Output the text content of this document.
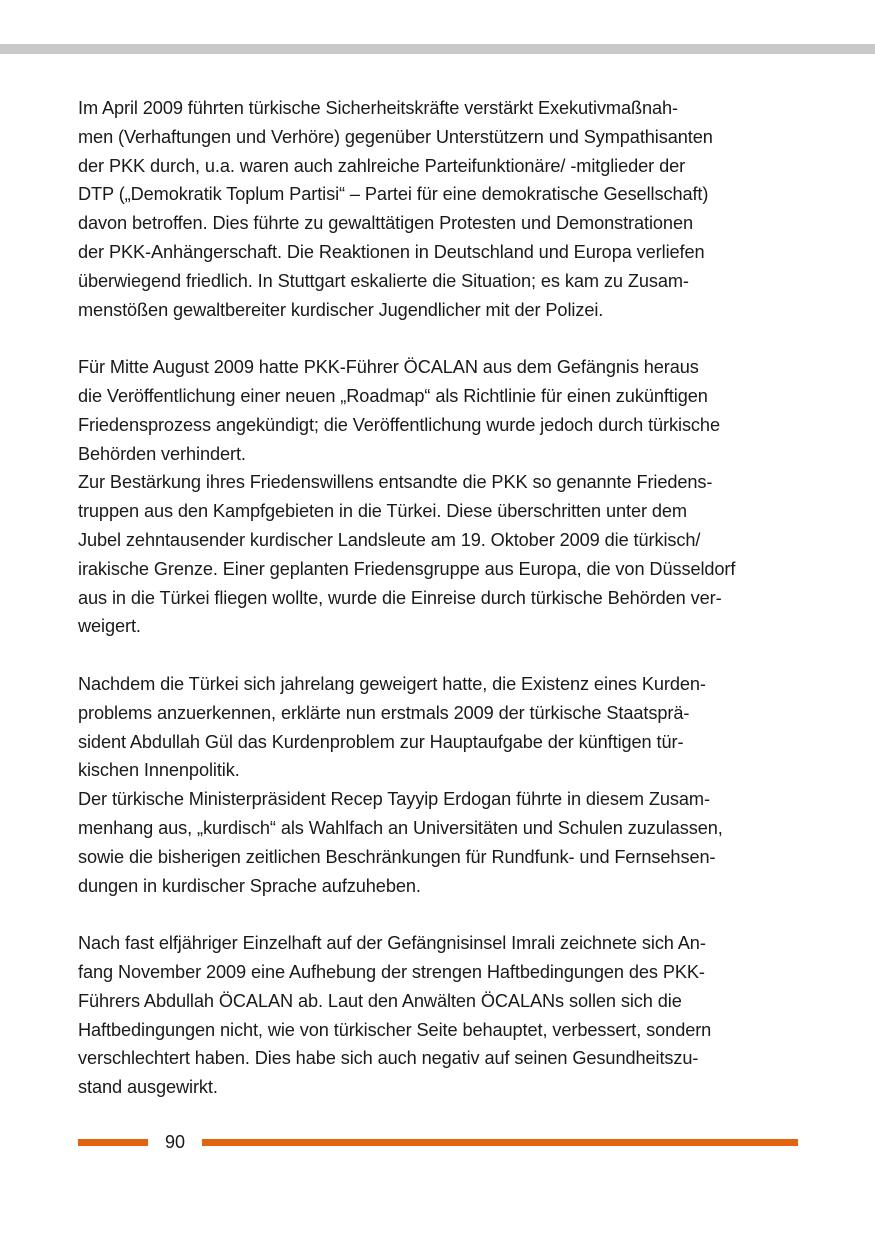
Im April 2009 führten türkische Sicherheitskräfte verstärkt Exekutivmaßnah-
men (Verhaftungen und Verhöre) gegenüber Unterstützern und Sympathisanten
der PKK durch, u.a. waren auch zahlreiche Parteifunktionäre/ -mitglieder der
DTP („Demokratik Toplum Partisi“ – Partei für eine demokratische Gesellschaft)
davon betroffen. Dies führte zu gewalttätigen Protesten und Demonstrationen
der PKK-Anhängerschaft. Die Reaktionen in Deutschland und Europa verliefen
überwiegend friedlich. In Stuttgart eskalierte die Situation; es kam zu Zusam-
menstößen gewaltbereiter kurdischer Jugendlicher mit der Polizei.
Für Mitte August 2009 hatte PKK-Führer ÖCALAN aus dem Gefängnis heraus
die Veröffentlichung einer neuen „Roadmap“ als Richtlinie für einen zukünftigen
Friedensprozess angekündigt; die Veröffentlichung wurde jedoch durch türkische
Behörden verhindert.
Zur Bestärkung ihres Friedenswillens entsandte die PKK so genannte Friedens-
truppen aus den Kampfgebieten in die Türkei. Diese überschritten unter dem
Jubel zehntausender kurdischer Landsleute am 19. Oktober 2009 die türkisch/
irakische Grenze. Einer geplanten Friedensgruppe aus Europa, die von Düsseldorf
aus in die Türkei fliegen wollte, wurde die Einreise durch türkische Behörden ver-
weigert.
Nachdem die Türkei sich jahrelang geweigert hatte, die Existenz eines Kurden-
problems anzuerkennen, erklärte nun erstmals 2009 der türkische Staatsprä-
sident Abdullah Gül das Kurdenproblem zur Hauptaufgabe der künftigen tür-
kischen Innenpolitik.
Der türkische Ministerpräsident Recep Tayyip Erdogan führte in diesem Zusam-
menhang aus, „kurdisch“ als Wahlfach an Universitäten und Schulen zuzulassen,
sowie die bisherigen zeitlichen Beschränkungen für Rundfunk- und Fernsehsen-
dungen in kurdischer Sprache aufzuheben.
Nach fast elfjähriger Einzelhaft auf der Gefängnisinsel Imrali zeichnete sich An-
fang November 2009 eine Aufhebung der strengen Haftbedingungen des PKK-
Führers Abdullah ÖCALAN ab. Laut den Anwälten ÖCALANs sollen sich die
Haftbedingungen nicht, wie von türkischer Seite behauptet, verbessert, sondern
verschlechtert haben. Dies habe sich auch negativ auf seinen Gesundheitszu-
stand ausgewirkt.
90
